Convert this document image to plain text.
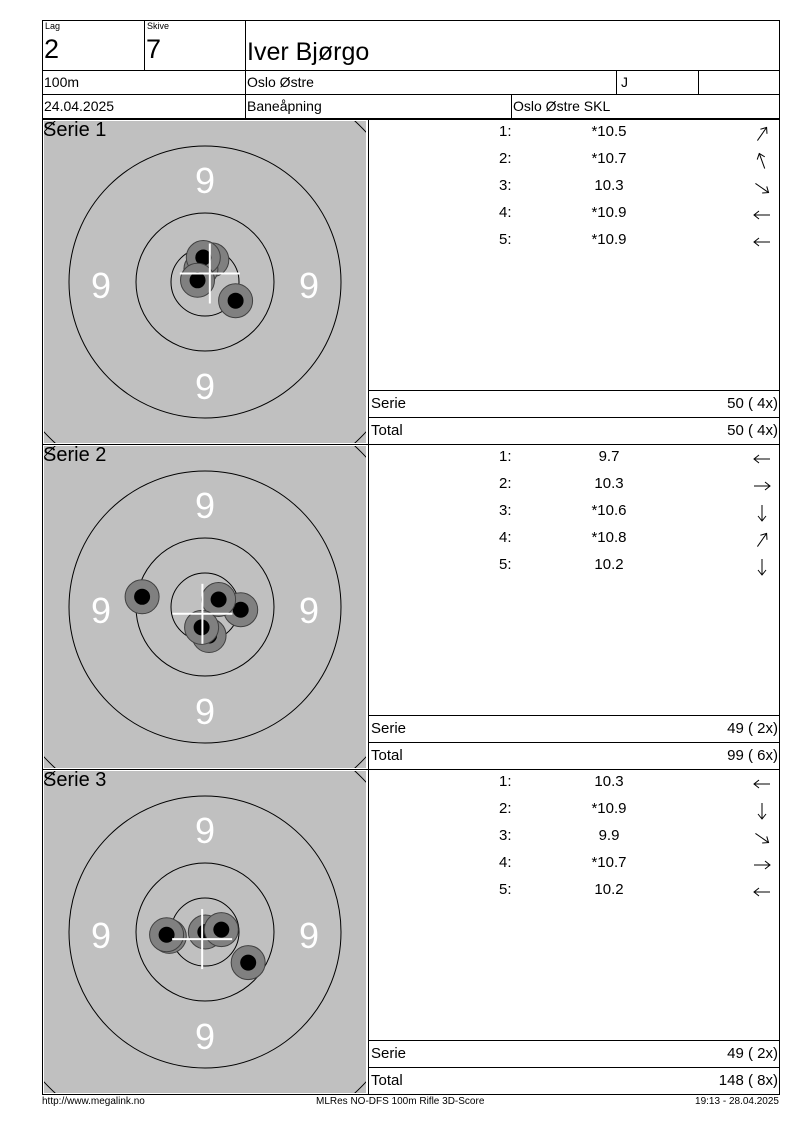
Lag
2
Skive
7	Iver Bjørgo
100m	Oslo Østre	J
24.04.2025	Baneåpning	Oslo Østre SKL
9
9
9	9
Serie 1	1:	*10.5
2:	*10.7
3:	10.3
4:	*10.9
5:	*10.9
Serie	50 ( 4x)
Total	50 ( 4x)
9
9
9	9
Serie 2	1:	9.7
2:	10.3
3:	*10.6
4:	*10.8
5:	10.2
Serie	49 ( 2x)
Total	99 ( 6x)
9
9
9	9
Serie 3	1:	10.3
2:	*10.9
3:	9.9
4:	*10.7
5:	10.2
Serie	49 ( 2x)
Total	148 ( 8x)
http://www.megalink.no	MLRes NO-DFS 100m Rifle 3D-Score	19:13 - 28.04.2025
